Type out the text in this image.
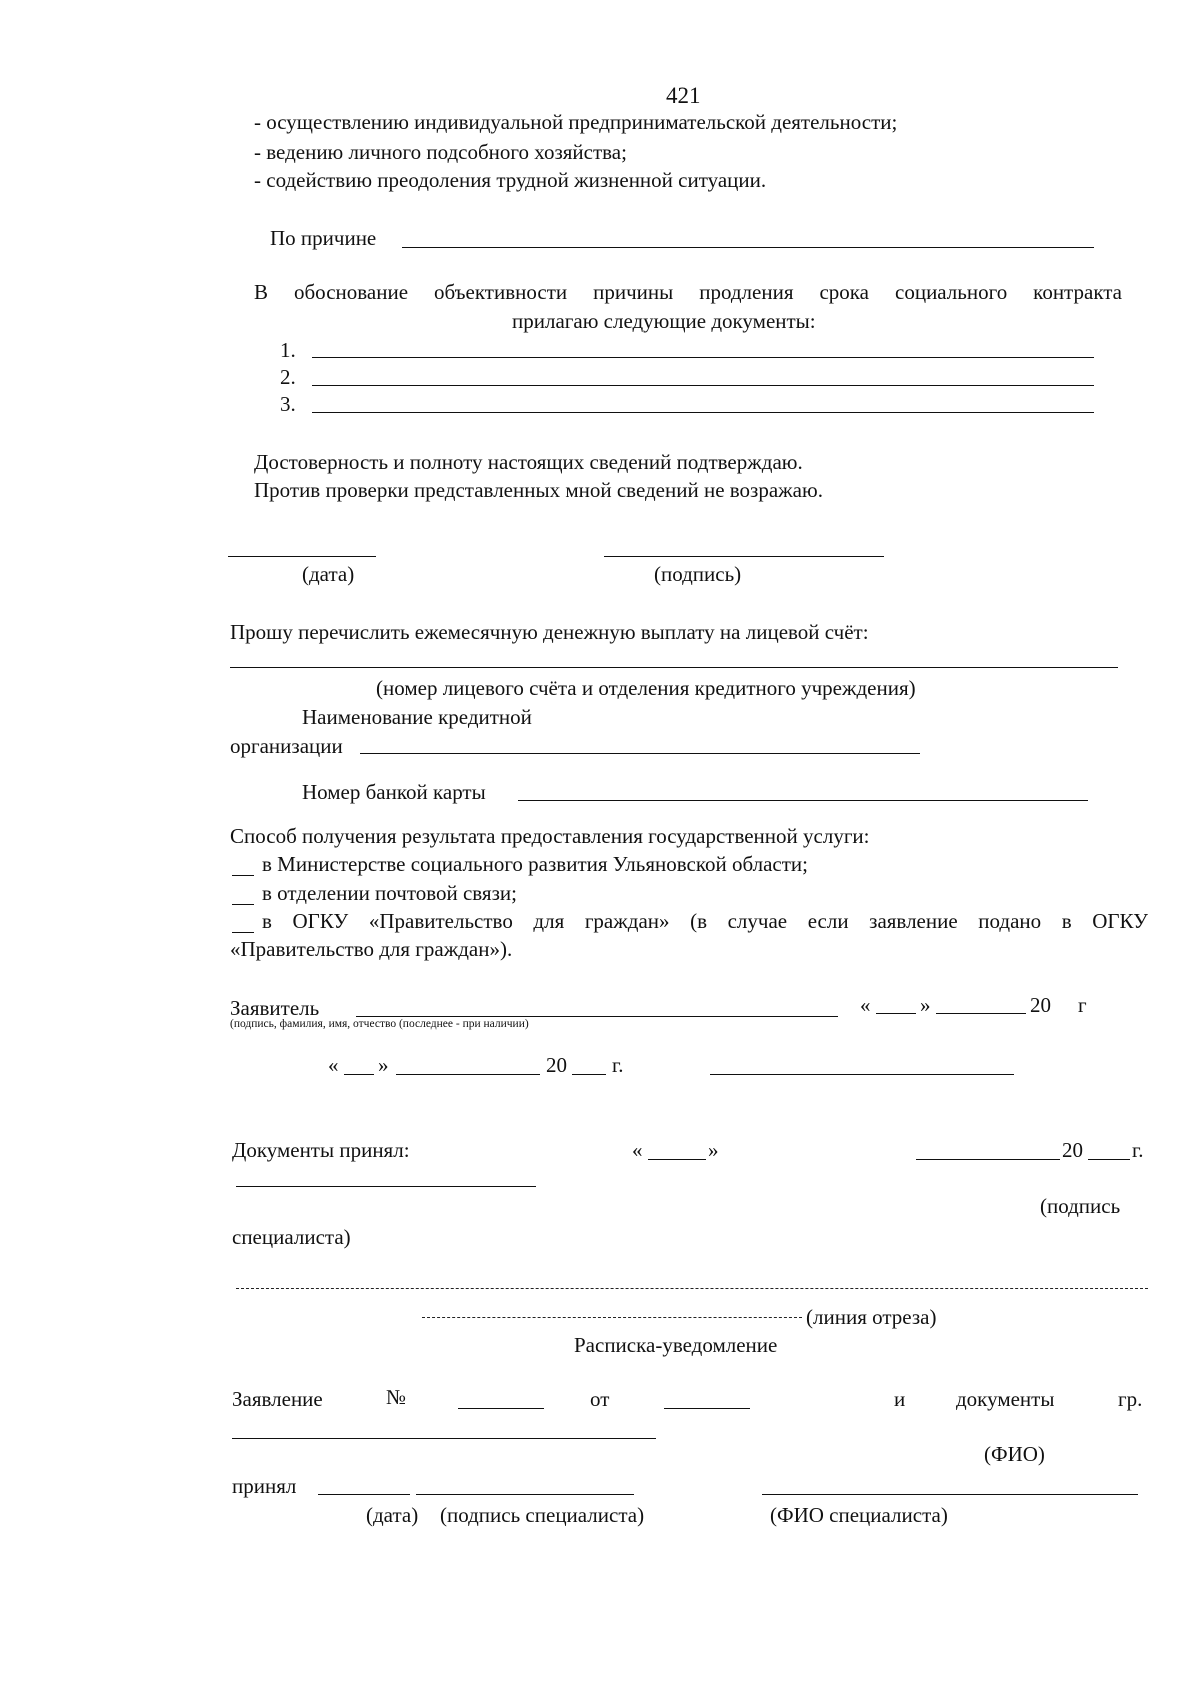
421
- осуществлению индивидуальной предпринимательской деятельности;
- ведению личного подсобного хозяйства;
- содействию преодоления трудной жизненной ситуации.
По причине
В обоснование объективности причины продления срока социального контракта
прилагаю следующие документы:
1.
2.
3.
Достоверность и полноту настоящих сведений подтверждаю.
Против проверки представленных мной сведений не возражаю.
(дата)	(подпись)
Прошу перечислить ежемесячную денежную выплату на лицевой счёт:
(номер лицевого счёта и отделения кредитного учреждения)
Наименование кредитной
организации
Номер банкой карты
Способ получения результата предоставления государственной услуги:
в Министерстве социального развития Ульяновской области;
в отделении почтовой связи;
в ОГКУ «Правительство для граждан» (в случае если заявление подано в ОГКУ
«Правительство для граждан»).
Заявитель
(подпись, фамилия, имя, отчество (последнее - при наличии)
« »	20 г
« »	20 г.
Документы принял:	«	»	20 г.
(подпись
специалиста)
(линия отреза)
Расписка-уведомление
Заявление	№	от	и документы	гр.
(ФИО)
принял
(дата) (подпись специалиста)	(ФИО специалиста)
